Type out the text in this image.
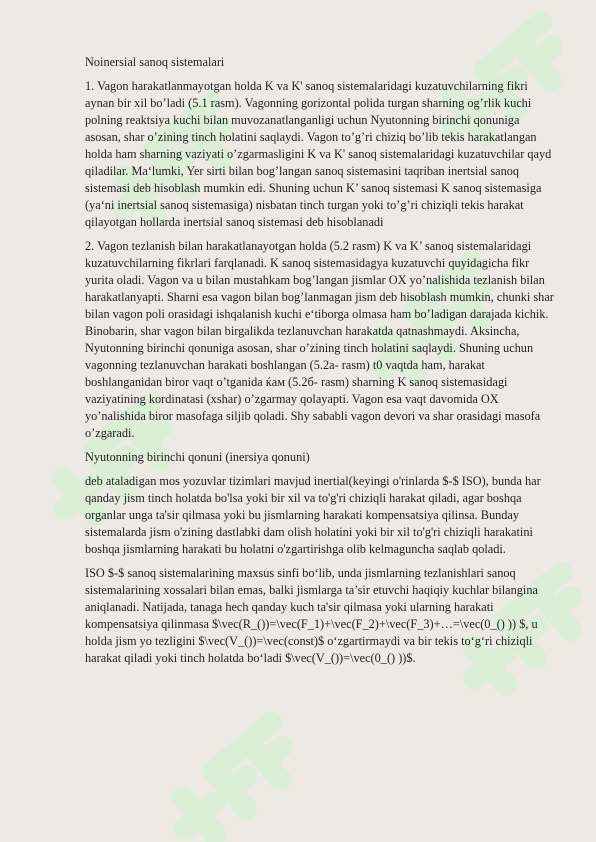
Noinersial sanoq sistemalari

1. Vagon harakatlanmayotgan holda K va K' sanoq sistemalaridagi kuzatuvchilarning fikri aynan bir xil bo’ladi (5.1 rasm). Vagonning gorizontal polida turgan sharning og’rlik kuchi polning reaktsiya kuchi bilan muvozanatlanganligi uchun Nyutonning birinchi qonuniga asosan, shar o’zining tinch holatini saqlaydi. Vagon to’g’ri chiziq bo’lib tekis harakatlangan holda ham sharning vaziyati o’zgarmasligini K va K' sanoq sistemalaridagi kuzatuvchilar qayd qiladilar. Ma‘lumki, Yer sirti bilan bog’langan sanoq sistemasini taqriban inertsial sanoq sistemasi deb hisoblash mumkin edi. Shuning uchun K’ sanoq sistemasi K sanoq sistemasiga (ya‘ni inertsial sanoq sistemasiga) nisbatan tinch turgan yoki to’g’ri chiziqli tekis harakat qilayotgan hollarda inertsial sanoq sistemasi deb hisoblanadi

2. Vagon tezlanish bilan harakatlanayotgan holda (5.2 rasm) K va K’ sanoq sistemalaridagi kuzatuvchilarning fikrlari farqlanadi. K sanoq sistemasidagya kuzatuvchi quyidagicha fikr yurita oladi. Vagon va u bilan mustahkam bog’langan jismlar OX yo’nalishida tezlanish bilan harakatlanyapti. Sharni esa vagon bilan bog’lanmagan jism deb hisoblash mumkin, chunki shar bilan vagon poli orasidagi ishqalanish kuchi e‘tiborga olmasa ham bo’ladigan darajada kichik. Binobarin, shar vagon bilan birgalikda tezlanuvchan harakatda qatnashmaydi. Aksincha, Nyutonning birinchi qonuniga asosan, shar o’zining tinch holatini saqlaydi. Shuning uchun vagonning tezlanuvchan harakati boshlangan (5.2a- rasm) t0 vaqtda ham, harakat boshlanganidan biror vaqt o’tganida ќам (5.2б- rasm) sharning K sanoq sistemasidagi vaziyatining kordinatasi (xshar) o’zgarmay qolayapti. Vagon esa vaqt davomida OX yo’nalishida biror masofaga siljib qoladi. Shy sababli vagon devori va shar orasidagi masofa o’zgaradi.

Nyutonning birinchi qonuni (inersiya qonuni)

deb ataladigan mos yozuvlar tizimlari mavjud inertial(keyingi o'rinlarda $-$ ISO), bunda har qanday jism tinch holatda bo'lsa yoki bir xil va to'g'ri chiziqli harakat qiladi, agar boshqa organlar unga ta'sir qilmasa yoki bu jismlarning harakati kompensatsiya qilinsa. Bunday sistemalarda jism o'zining dastlabki dam olish holatini yoki bir xil to'g'ri chiziqli harakatini boshqa jismlarning harakati bu holatni o'zgartirishga olib kelmaguncha saqlab qoladi.

ISO $-$ sanoq sistemalarining maxsus sinfi bo‘lib, unda jismlarning tezlanishlari sanoq sistemalarining xossalari bilan emas, balki jismlarga ta’sir etuvchi haqiqiy kuchlar bilangina aniqlanadi. Natijada, tanaga hech qanday kuch ta'sir qilmasa yoki ularning harakati kompensatsiya qilinmasa $\vec(R_())=\vec(F_1)+\vec(F_2)+\vec(F_3)+…=\vec(0_() )) $, u holda jism yo tezligini $\vec(V_())=\vec(const)$ o‘zgartirmaydi va bir tekis to‘g‘ri chiziqli harakat qiladi yoki tinch holatda bo‘ladi $\vec(V_())=\vec(0_() ))$.
